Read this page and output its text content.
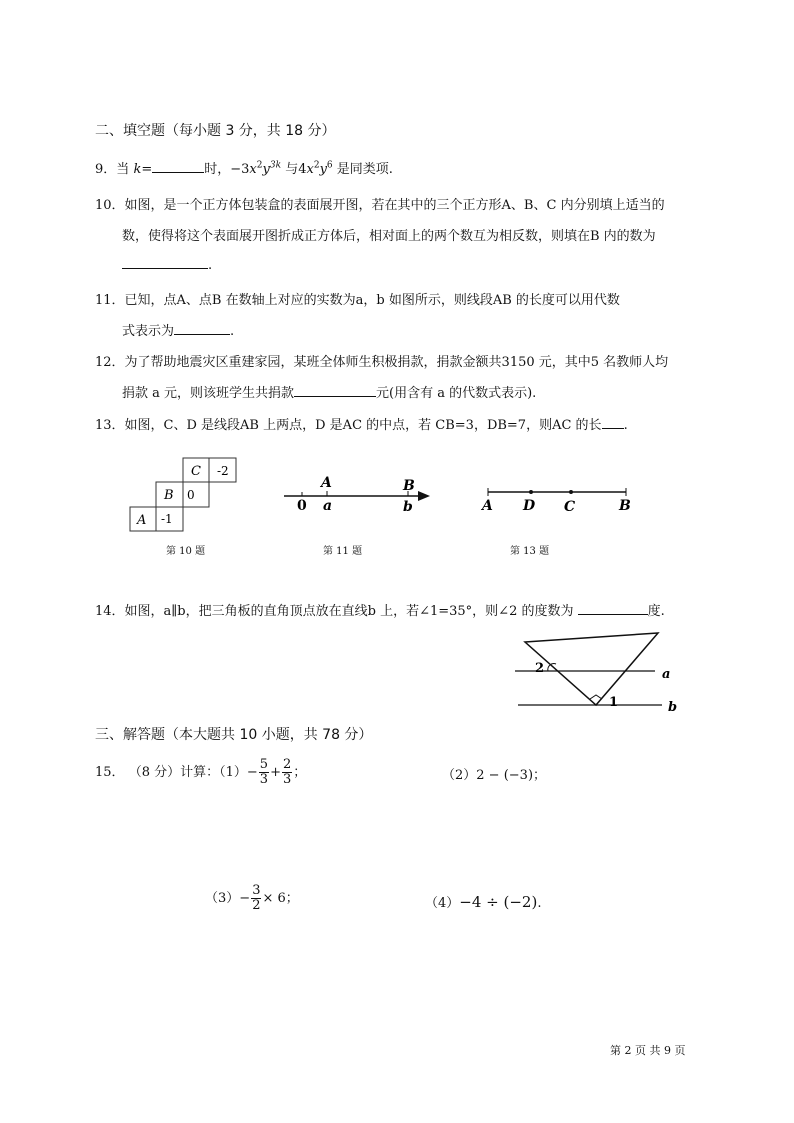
二、填空题（每小题 3 分，共 18 分）
9．当 k=	时，$-3x^2y^{3k}$ 与$4x^2y^6$ 是同类项.
10．如图，是一个正方体包装盒的表面展开图，若在其中的三个正方形A、B、C 内分别填上适当的
数，使得将这个表面展开图折成正方体后，相对面上的两个数互为相反数，则填在B 内的数为
.
11．已知，点A、点B 在数轴上对应的实数为a，b 如图所示，则线段AB 的长度可以用代数
式表示为	.
12．为了帮助地震灾区重建家园，某班全体师生积极捐款，捐款金额共3150 元，其中5 名教师人均
捐款 a 元，则该班学生共捐款	元(用含有 a 的代数式表示).
13．如图，C、D 是线段AB 上两点，D 是AC 的中点，若 CB=3，DB=7，则AC 的长 .
C -2
B 0
A -1
A	B
0 a	b	A D C	B
第 10 题	第 11 题	第 13 题
14．如图，a∥b，把三角板的直角顶点放在直线b 上，若∠1=35°，则∠2 的度数为	度.
2
1
a
b
三、解答题（本大题共 10 小题，共 78 分）
15． （8 分）计算：$(1)- \frac{5}{3} + \frac{2}{3}$ ；	（2）2 − (−3)；
$(3)- \frac{3}{2} \times 6$；	（4）−4 ÷ (−2).
第 2 页 共 9 页
